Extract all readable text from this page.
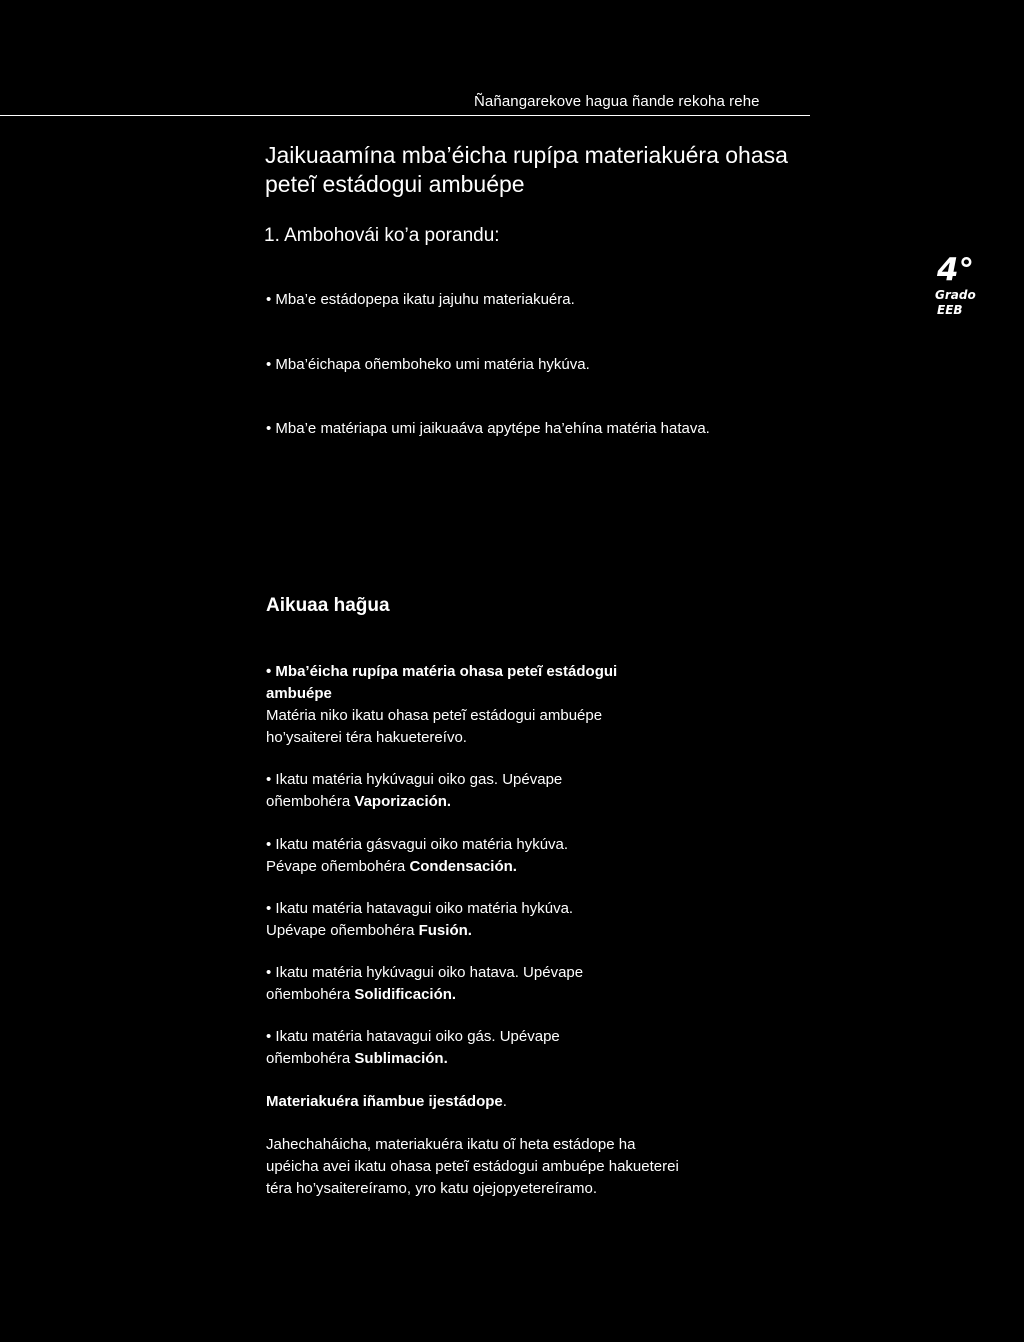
Ñañangarekove hagua ñande rekoha rehe
Jaikuaamína mba’éicha rupípa materiakuéra ohasa
peteĩ estádogui ambuépe
1. Ambohovái ko’a porandu:
• Mba’e estádopepa ikatu jajuhu materiakuéra.
• Mba’éichapa oñemboheko umi matéria hykúva.
• Mba’e matériapa umi jaikuaáva apytépe ha’ehína matéria hatava.
4°
Grado
EEB
Aikuaa hag̃ua
• Mba’éicha rupípa matéria ohasa peteĩ estádogui
ambuépe
Matéria niko ikatu ohasa peteĩ estádogui ambuépe
ho’ysaiterei téra hakuetereívo.
• Ikatu matéria hykúvagui oiko gas. Upévape
oñembohéra Vaporización.
• Ikatu matéria gásvagui oiko matéria hykúva.
Pévape oñembohéra Condensación.
• Ikatu matéria hatavagui oiko matéria hykúva.
Upévape oñembohéra Fusión.
• Ikatu matéria hykúvagui oiko hatava. Upévape
oñembohéra Solidificación.
• Ikatu matéria hatavagui oiko gás. Upévape
oñembohéra Sublimación.
Materiakuéra iñambue ijestádope.
Jahechaháicha, materiakuéra ikatu oĩ heta estádope ha
upéicha avei ikatu ohasa peteĩ estádogui ambuépe hakueterei
téra ho’ysaitereíramo, yro katu ojejopyetereíramo.
